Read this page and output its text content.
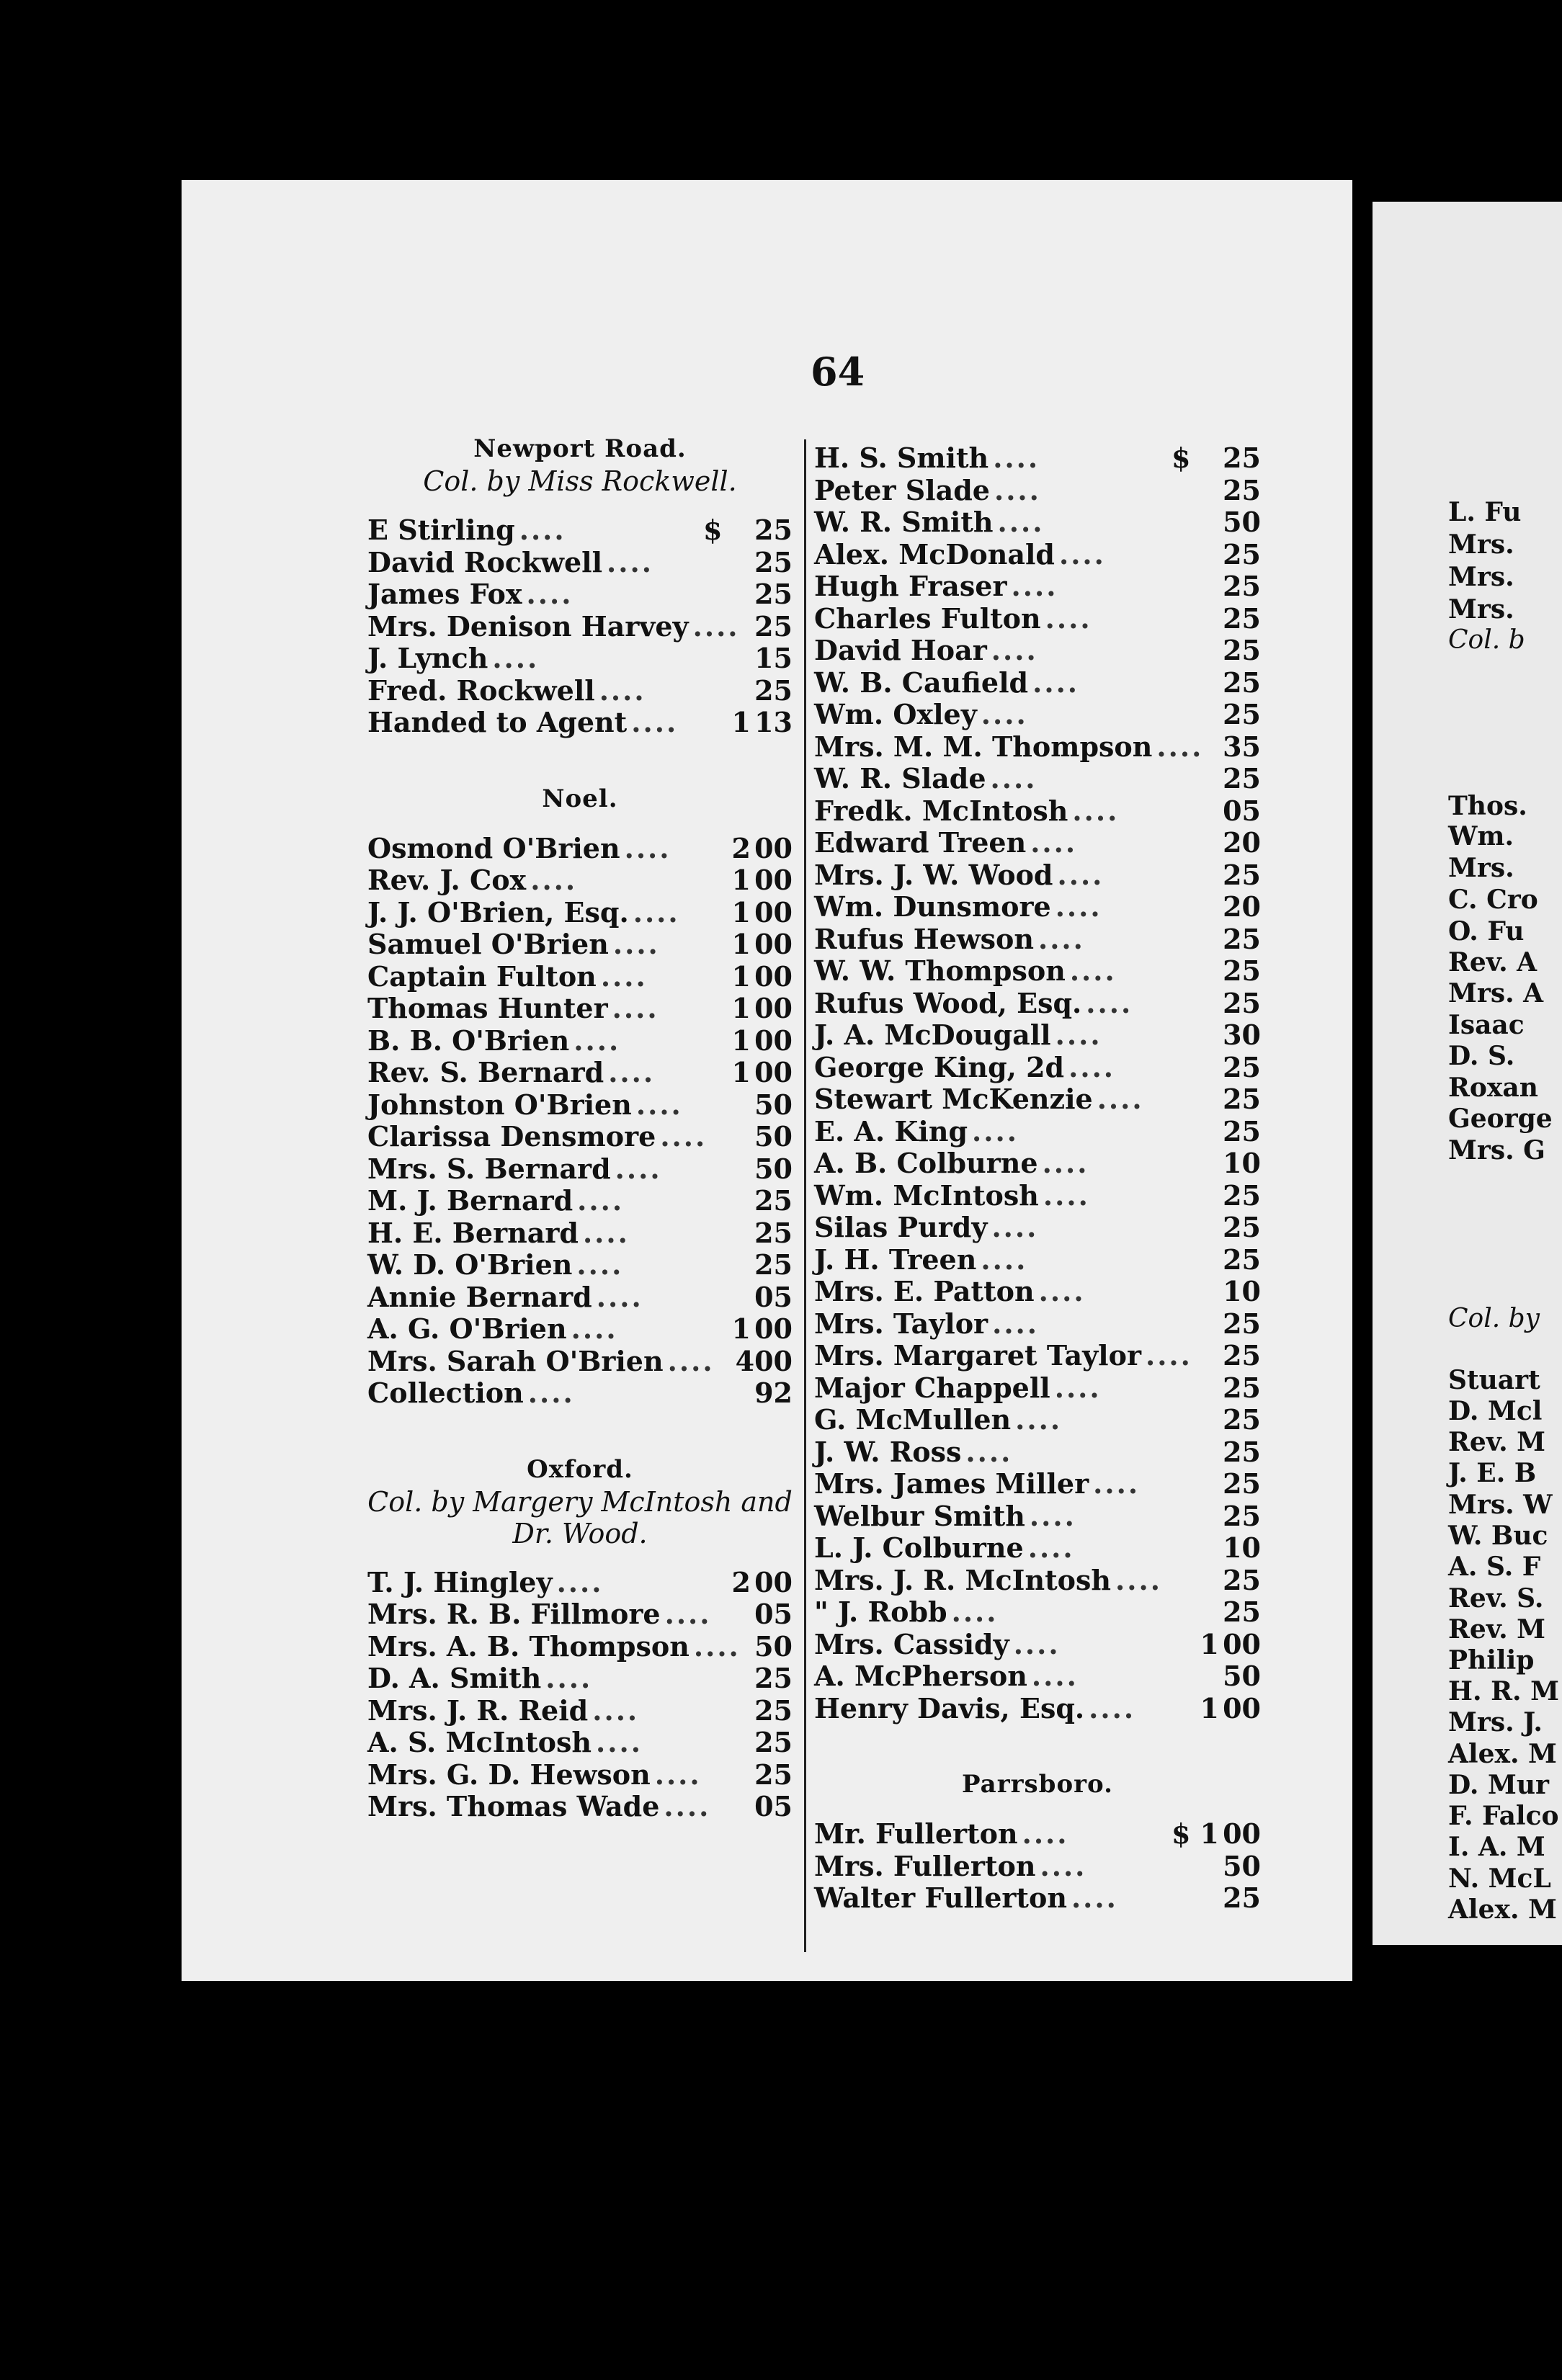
64
Newport Road.
Col. by Miss Rockwell.
E Stirling ....	$ 25
David Rockwell ....	25
James Fox ....	25
Mrs. Denison Harvey .... 25
J. Lynch ....	15
Fred. Rockwell ....	25
Handed to Agent ....	1 13
Noel.
Osmond O'Brien ....	2 00
Rev. J. Cox ....	1 00
J. J. O'Brien, Esq. ....	1 00
Samuel O'Brien ....	1 00
Captain Fulton ....	1 00
Thomas Hunter ....	1 00
B. B. O'Brien ....	1 00
Rev. S. Bernard ....	1 00
Johnston O'Brien ....	50
Clarissa Densmore .... 50
Mrs. S. Bernard ....	50
M. J. Bernard ....	25
H. E. Bernard ....	25
W. D. O'Brien ....	25
Annie Bernard ....	05
A. G. O'Brien ....	1 00
Mrs. Sarah O'Brien .... 4 00
Collection ....	92
Oxford.
Col. by Margery McIntosh and Dr. Wood.
T. J. Hingley ....	2 00
Mrs. R. B. Fillmore .... 05
Mrs. A. B. Thompson .... 50
D. A. Smith ....	25
Mrs. J. R. Reid ....	25
A. S. McIntosh ....	25
Mrs. G. D. Hewson .... 25
Mrs. Thomas Wade .... 05
H. S. Smith ....	$ 25
Peter Slade ....	25
W. R. Smith ....	50
Alex. McDonald ....	25
Hugh Fraser ....	25
Charles Fulton ....	25
David Hoar ....	25
W. B. Caufield ....	25
Wm. Oxley ....	25
Mrs. M. M. Thompson .... 35
W. R. Slade ....	25
Fredk. McIntosh ....	05
Edward Treen ....	20
Mrs. J. W. Wood ....	25
Wm. Dunsmore ....	20
Rufus Hewson ....	25
W. W. Thompson ....	25
Rufus Wood, Esq. ....	25
J. A. McDougall ....	30
George King, 2d ....	25
Stewart McKenzie ....	25
E. A. King ....	25
A. B. Colburne ....	10
Wm. McIntosh ....	25
Silas Purdy ....	25
J. H. Treen ....	25
Mrs. E. Patton ....	10
Mrs. Taylor ....	25
Mrs. Margaret Taylor .... 25
Major Chappell ....	25
G. McMullen ....	25
J. W. Ross ....	25
Mrs. James Miller ....	25
Welbur Smith ....	25
L. J. Colburne ....	10
Mrs. J. R. McIntosh ....	25
" J. Robb ....	25
Mrs. Cassidy ....	1 00
A. McPherson ....	50
Henry Davis, Esq. ....	1 00
Parrsboro.
Mr. Fullerton ....	$ 1 00
Mrs. Fullerton ....	50
Walter Fullerton ....	25
L. Fu
Mrs.
Mrs.
Mrs.
Col. b
Thos.
Wm.
Mrs.
C. Cro
O. Fu
Rev. A
Mrs. A
Isaac
D. S.
Roxan
George
Mrs. G
Col. by
Stuart
D. Mcl
Rev. M
J. E. B
Mrs. W
W. Buc
A. S. F
Rev. S.
Rev. M
Philip
H. R. M
Mrs. J.
Alex. M
D. Mur
F. Falco
I. A. M
N. McL
Alex. M
